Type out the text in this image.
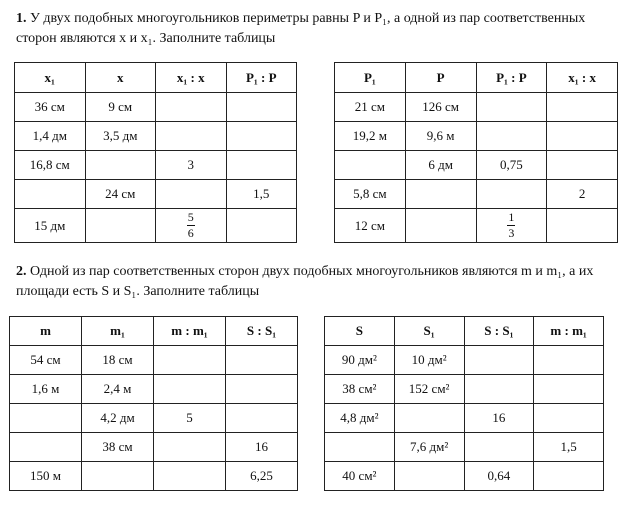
1. У двух подобных многоугольников периметры равны P и P₁, а одной из пар соответственных сторон являются x и x₁. Заполните таблицы

x₁	x	x₁ : x	P₁ : P
36 см	9 см		
1,4 дм	3,5 дм		
16,8 см		3	
	24 см		1,5
15 дм		$\frac{5}{6}$

P₁	P	P₁ : P	x₁ : x
21 см	126 см		
19,2 м	9,6 м		
	6 дм	0,75	
5,8 см			2
12 см		$\frac{1}{3}$

2. Одной из пар соответственных сторон двух подобных многоугольников являются m и m₁, а их площади есть S и S₁. Заполните таблицы

m	m₁	m : m₁	S : S₁
54 см	18 см		
1,6 м	2,4 м		
	4,2 дм	5	
	38 см		16
150 м			6,25
S	S₁	S : S₁	m : m₁
90 дм²	10 дм²		
38 см²	152 см²		
4,8 дм²		16	
	7,6 дм²		1,5
40 см²		0,64	
